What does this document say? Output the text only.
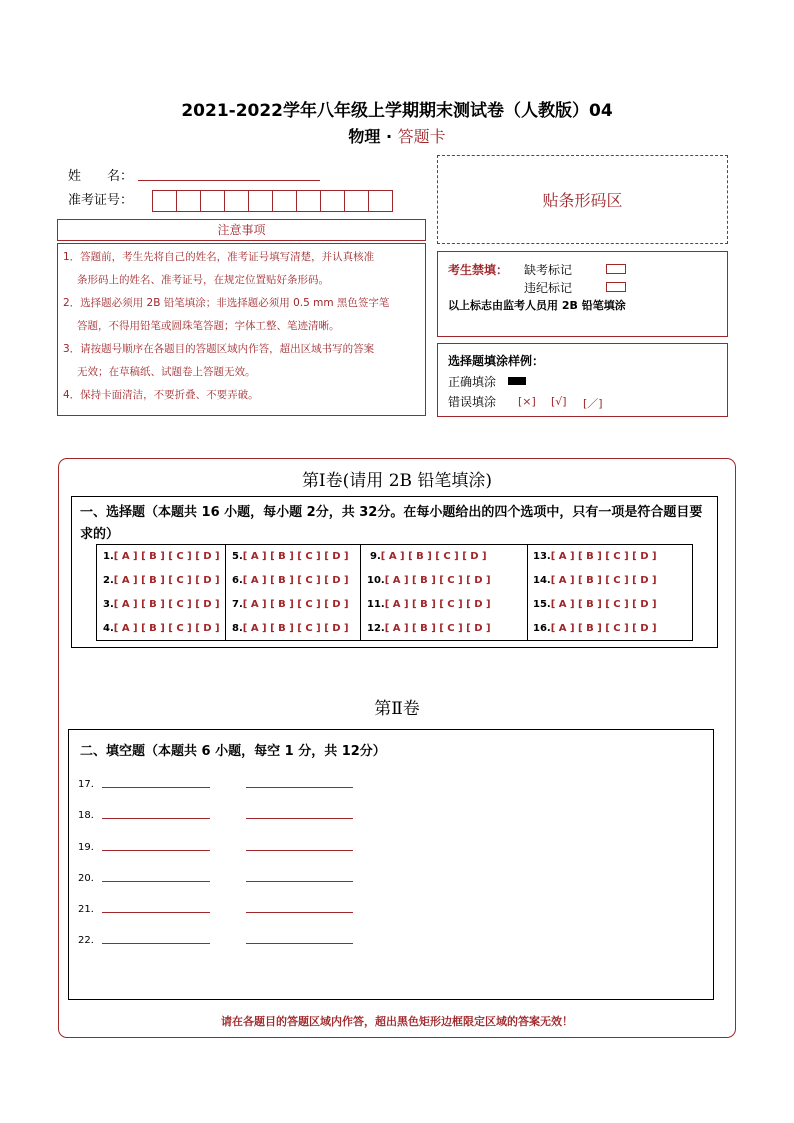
2021-2022学年八年级上学期期末测试卷（人教版）04
物理 · 答题卡
姓　　名：
准考证号：	贴条形码区
注意事项
1．答题前，考生先将自己的姓名，准考证号填写清楚，并认真核准
条形码上的姓名、准考证号，在规定位置贴好条形码。
2．选择题必须用 2B 铅笔填涂；非选择题必须用 0.5 mm 黑色签字笔
答题，不得用铅笔或圆珠笔答题；字体工整、笔迹清晰。
3．请按题号顺序在各题目的答题区域内作答，超出区域书写的答案
无效；在草稿纸、试题卷上答题无效。
4．保持卡面清洁，不要折叠、不要弄破。
考生禁填： 缺考标记
违纪标记
以上标志由监考人员用 2B 铅笔填涂
选择题填涂样例：
正确填涂
错误填涂 [×] [√] [／]
第Ⅰ卷(请用 2B 铅笔填涂)
一、选择题（本题共 16 小题，每小题 2分，共 32分。在每小题给出的四个选项中，只有一项是符合题目要求的）
1.[ A ] [ B ] [ C ] [ D ]
2.[ A ] [ B ] [ C ] [ D ]
3.[ A ] [ B ] [ C ] [ D ]
4.[ A ] [ B ] [ C ] [ D ]
5.[ A ] [ B ] [ C ] [ D ]
6.[ A ] [ B ] [ C ] [ D ]
7.[ A ] [ B ] [ C ] [ D ]
8.[ A ] [ B ] [ C ] [ D ]
9.[ A ] [ B ] [ C ] [ D ]
10.[ A ] [ B ] [ C ] [ D ]
11.[ A ] [ B ] [ C ] [ D ]
12.[ A ] [ B ] [ C ] [ D ]
13.[ A ] [ B ] [ C ] [ D ]
14.[ A ] [ B ] [ C ] [ D ]
15.[ A ] [ B ] [ C ] [ D ]
16.[ A ] [ B ] [ C ] [ D ]
第Ⅱ卷
二、填空题（本题共 6 小题，每空 1 分，共 12分）
17．
18．
19．
20．
21．
22．
请在各题目的答题区域内作答，超出黑色矩形边框限定区域的答案无效！
